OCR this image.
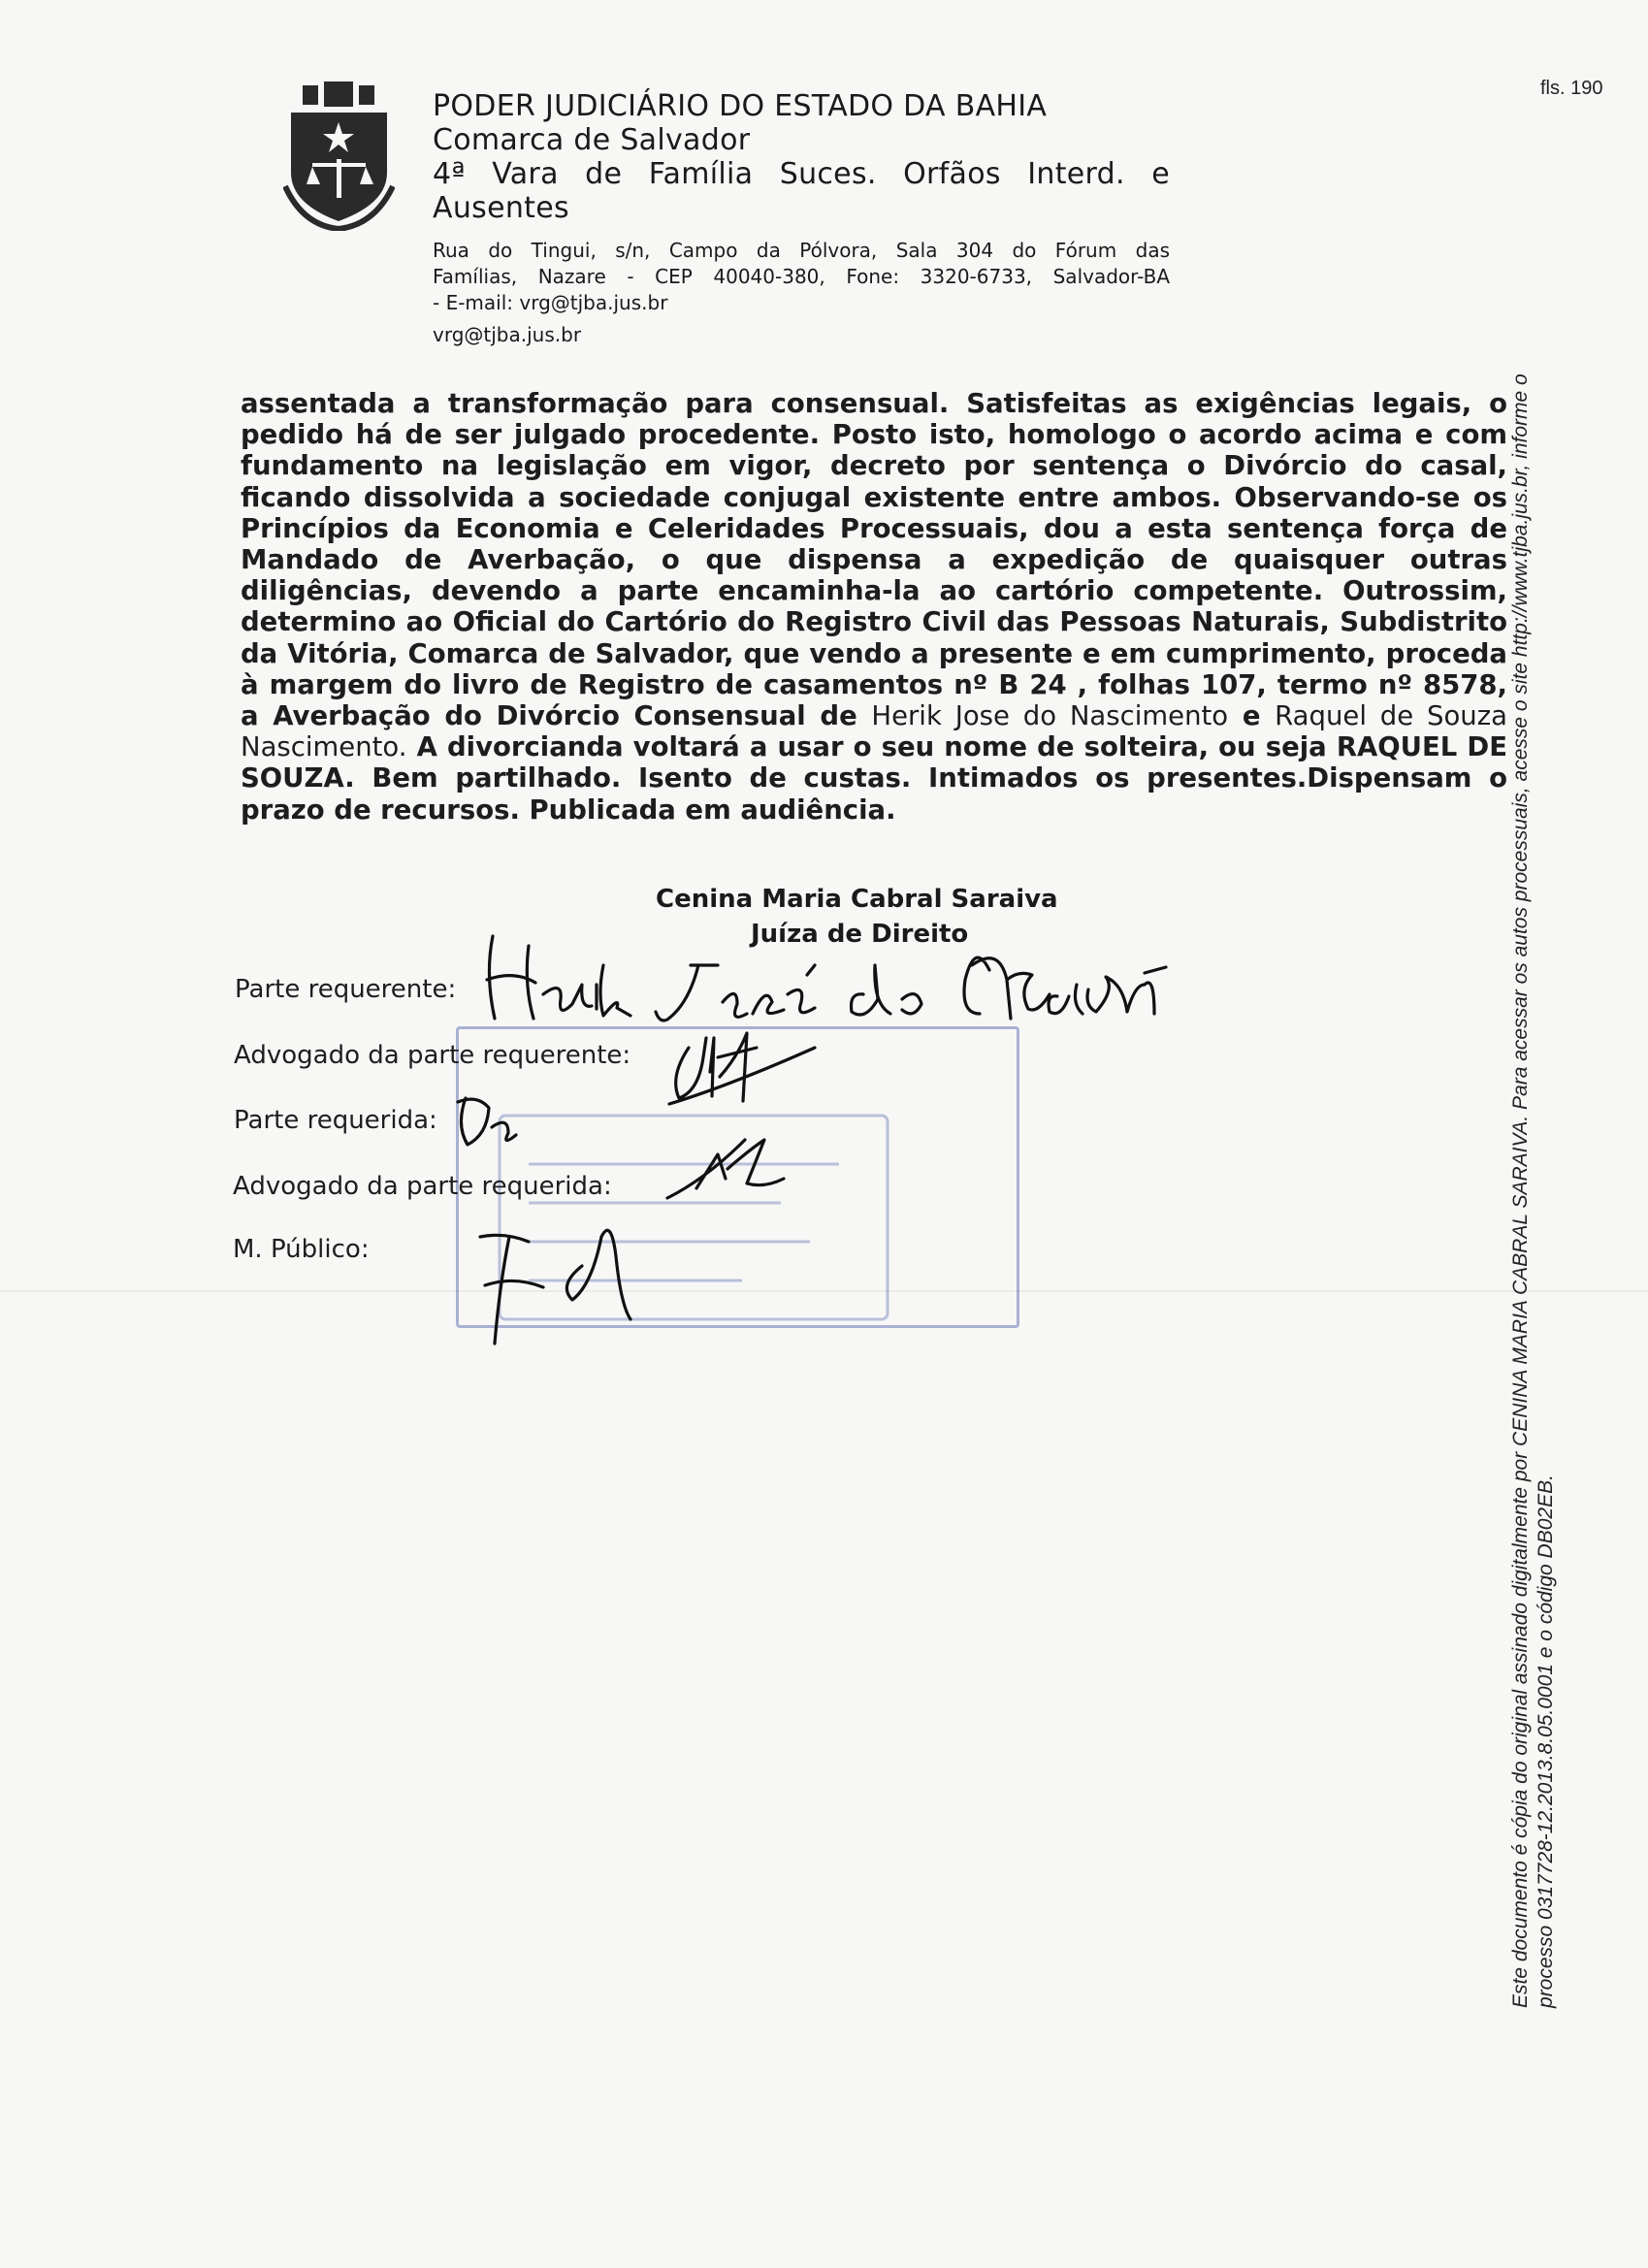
fls. 190

PODER JUDICIÁRIO DO ESTADO DA BAHIA

Comarca de Salvador

4ª Vara de Família Suces. Orfãos Interd. e

Ausentes

Rua do Tingui, s/n, Campo da Pólvora, Sala 304 do Fórum das

Famílias, Nazare - CEP 40040-380, Fone: 3320-6733, Salvador-BA

- E-mail: vrg@tjba.jus.br

vrg@tjba.jus.br

assentada a transformação para consensual. Satisfeitas as exigências legais, o

pedido há de ser julgado procedente. Posto isto, homologo o acordo acima e com

fundamento na legislação em vigor, decreto por sentença o Divórcio do casal,

ficando dissolvida a sociedade conjugal existente entre ambos. Observando-se os

Princípios da Economia e Celeridades Processuais, dou a esta sentença força de

Mandado de Averbação, o que dispensa a expedição de quaisquer outras

diligências, devendo a parte encaminha-la ao cartório competente. Outrossim,

determino ao Oficial do Cartório do Registro Civil das Pessoas Naturais, Subdistrito

da Vitória, Comarca de Salvador, que vendo a presente e em cumprimento, proceda

à margem do livro de Registro de casamentos nº B 24 , folhas 107, termo nº 8578,

a Averbação do Divórcio Consensual de Herik Jose do Nascimento e Raquel de Souza

Nascimento. A divorcianda voltará a usar o seu nome de solteira, ou seja RAQUEL DE

SOUZA. Bem partilhado. Isento de custas. Intimados os presentes.Dispensam o

prazo de recursos. Publicada em audiência.

Cenina Maria Cabral Saraiva
Juíza de Direito
Parte requerente:
Advogado da parte requerente:
Parte requerida:
Advogado da parte requerida:
M. Público:	Este documento é cópia do original assinado digitalmente por CENINA MARIA CABRAL SARAIVA. Para acessar os autos processuais, acesse o site http://www.tjba.jus.br, informe o processo 0317728-12.2013.8.05.0001 e o código DB02EB.
